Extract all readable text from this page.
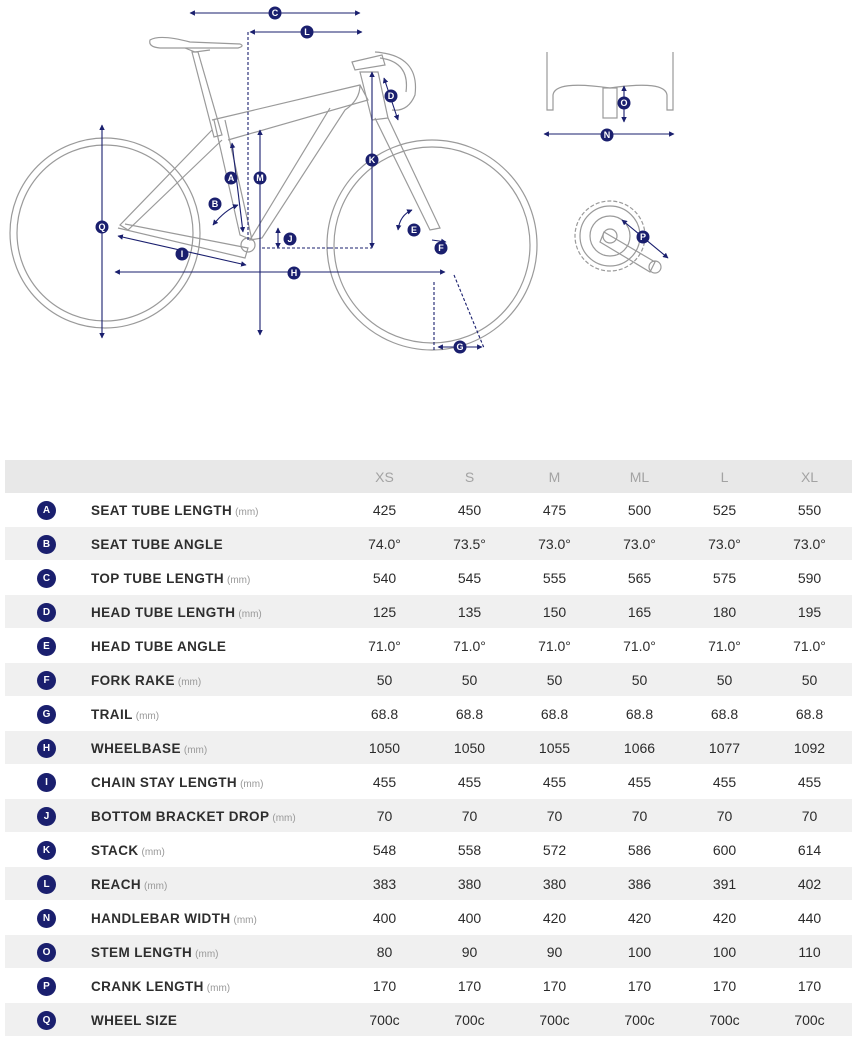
C
L
D
K
A M
B
E
F
J
Q
I
H
G
O
N
P
		XS	S	M	ML	L	XL
A	SEAT TUBE LENGTH (mm)	425	450	475	500	525	550
B	SEAT TUBE ANGLE	74.0°	73.5°	73.0°	73.0°	73.0°	73.0°
C	TOP TUBE LENGTH (mm)	540	545	555	565	575	590
D	HEAD TUBE LENGTH (mm)	125	135	150	165	180	195
E	HEAD TUBE ANGLE	71.0°	71.0°	71.0°	71.0°	71.0°	71.0°
F	FORK RAKE (mm)	50	50	50	50	50	50
G	TRAIL (mm)	68.8	68.8	68.8	68.8	68.8	68.8
H	WHEELBASE (mm)	1050	1050	1055	1066	1077	1092
I	CHAIN STAY LENGTH (mm)	455	455	455	455	455	455
J	BOTTOM BRACKET DROP (mm)	70	70	70	70	70	70
K	STACK (mm)	548	558	572	586	600	614
L	REACH (mm)	383	380	380	386	391	402
N	HANDLEBAR WIDTH (mm)	400	400	420	420	420	440
O	STEM LENGTH (mm)	80	90	90	100	100	110
P	CRANK LENGTH (mm)	170	170	170	170	170	170
Q	WHEEL SIZE	700c	700c	700c	700c	700c	700c
